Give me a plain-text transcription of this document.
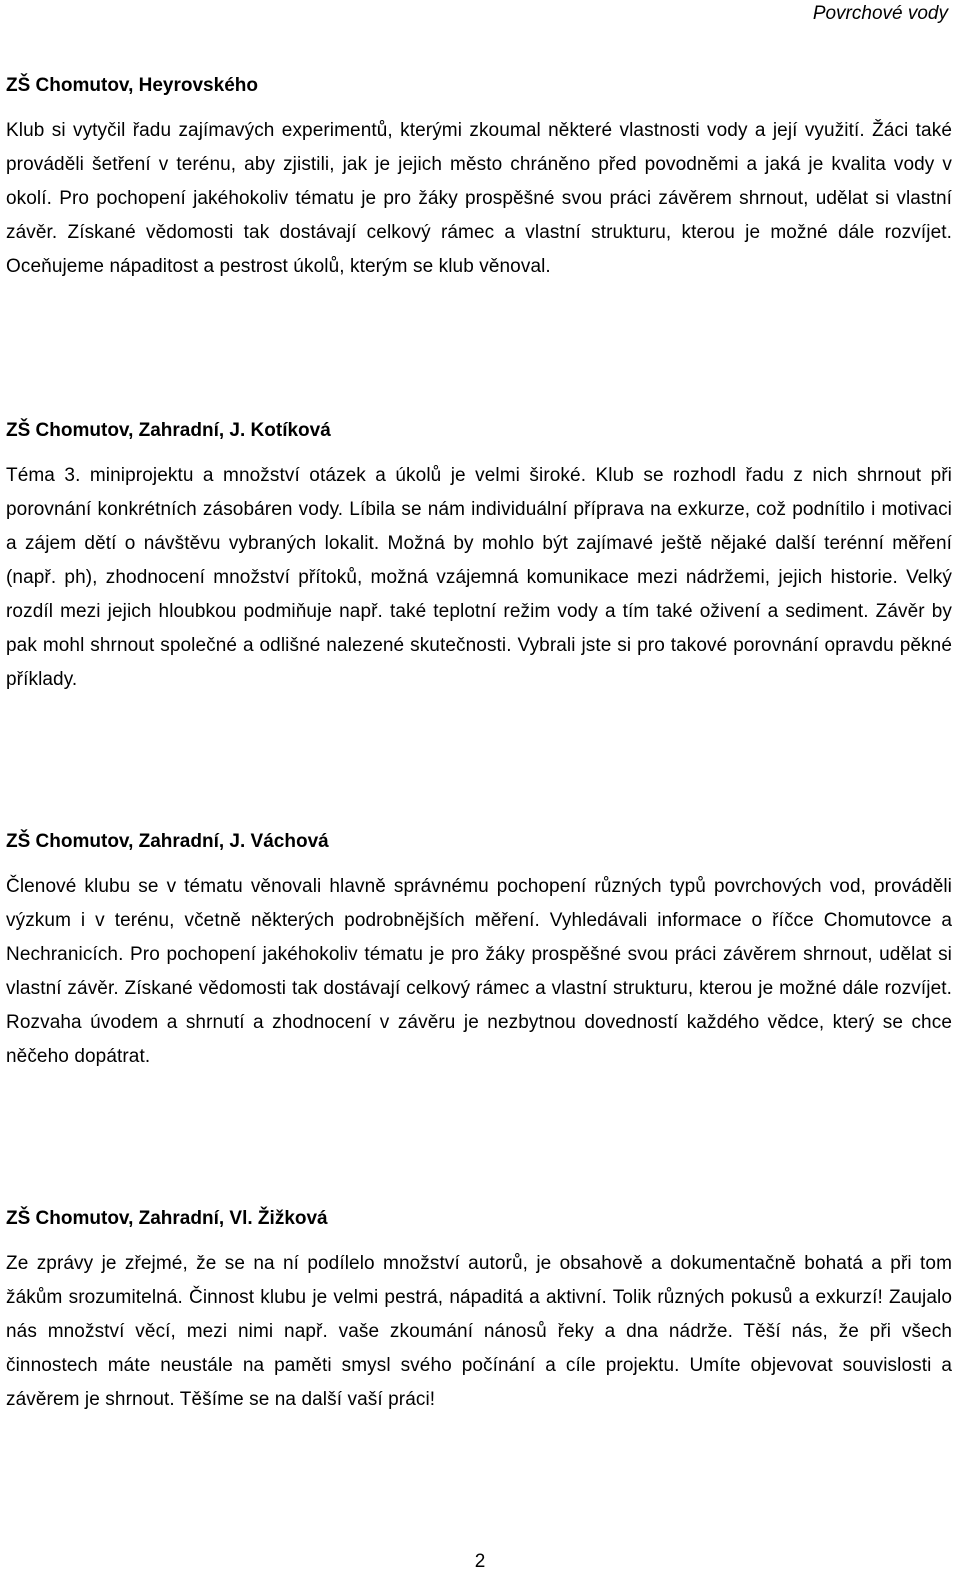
Povrchové vody
ZŠ Chomutov, Heyrovského

Klub si vytyčil řadu zajímavých experimentů, kterými zkoumal některé vlastnosti vody a její využití. Žáci také prováděli šetření v terénu, aby zjistili, jak je jejich město chráněno před povodněmi a jaká je kvalita vody v okolí. Pro pochopení jakéhokoliv tématu je pro žáky prospěšné svou práci závěrem shrnout, udělat si vlastní závěr. Získané vědomosti tak dostávají celkový rámec a vlastní strukturu, kterou je možné dále rozvíjet. Oceňujeme nápaditost a pestrost úkolů, kterým se klub věnoval.

ZŠ Chomutov, Zahradní, J. Kotíková

Téma 3. miniprojektu a množství otázek a úkolů je velmi široké. Klub se rozhodl řadu z nich shrnout při porovnání konkrétních zásobáren vody. Líbila se nám individuální příprava na exkurze, což podnítilo i motivaci a zájem dětí o návštěvu vybraných lokalit. Možná by mohlo být zajímavé ještě nějaké další terénní měření (např. ph), zhodnocení množství přítoků, možná vzájemná komunikace mezi nádržemi, jejich historie. Velký rozdíl mezi jejich hloubkou podmiňuje např. také teplotní režim vody a tím také oživení a sediment. Závěr by pak mohl shrnout společné a odlišné nalezené skutečnosti. Vybrali jste si pro takové porovnání opravdu pěkné příklady.

ZŠ Chomutov, Zahradní, J. Váchová

Členové klubu se v tématu věnovali hlavně správnému pochopení různých typů povrchových vod, prováděli výzkum i v terénu, včetně některých podrobnějších měření. Vyhledávali informace o říčce Chomutovce a Nechranicích. Pro pochopení jakéhokoliv tématu je pro žáky prospěšné svou práci závěrem shrnout, udělat si vlastní závěr. Získané vědomosti tak dostávají celkový rámec a vlastní strukturu, kterou je možné dále rozvíjet. Rozvaha úvodem a shrnutí a zhodnocení v závěru je nezbytnou dovedností každého vědce, který se chce něčeho dopátrat.

ZŠ Chomutov, Zahradní, Vl. Žižková

Ze zprávy je zřejmé, že se na ní podílelo množství autorů, je obsahově a dokumentačně bohatá a při tom žákům srozumitelná. Činnost klubu je velmi pestrá, nápaditá a aktivní. Tolik různých pokusů a exkurzí! Zaujalo nás množství věcí, mezi nimi např. vaše zkoumání nánosů řeky a dna nádrže. Těší nás, že při všech činnostech máte neustále na paměti smysl svého počínání a cíle projektu. Umíte objevovat souvislosti a závěrem je shrnout. Těšíme se na další vaší práci!

2
